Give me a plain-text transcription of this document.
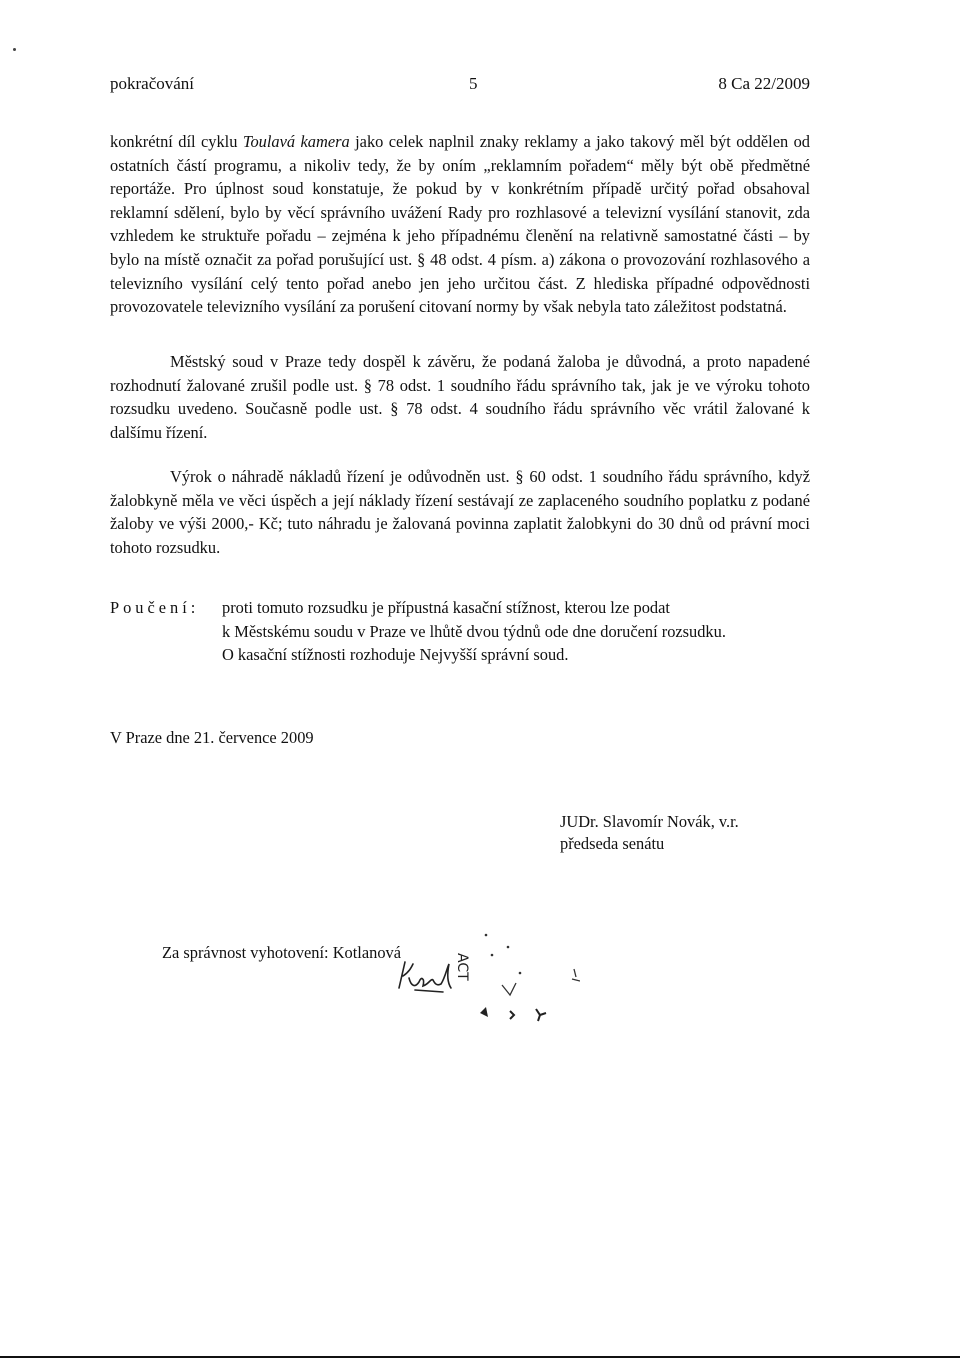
pokračování	5	8 Ca 22/2009

konkrétní díl cyklu Toulavá kamera jako celek naplnil znaky reklamy a jako takový měl být oddělen od ostatních částí programu, a nikoliv tedy, že by oním „reklamním pořadem“ měly být obě předmětné reportáže. Pro úplnost soud konstatuje, že pokud by v konkrétním případě určitý pořad obsahoval reklamní sdělení, bylo by věcí správního uvážení Rady pro rozhlasové a televizní vysílání stanovit, zda vzhledem ke struktuře pořadu – zejména k jeho případnému členění na relativně samostatné části – by bylo na místě označit za pořad porušující ust. § 48 odst. 4 písm. a) zákona o provozování rozhlasového a televizního vysílání celý tento pořad anebo jen jeho určitou část. Z hlediska případné odpovědnosti provozovatele televizního vysílání za porušení citovaní normy by však nebyla tato záležitost podstatná.

Městský soud v Praze tedy dospěl k závěru, že podaná žaloba je důvodná, a proto napadené rozhodnutí žalované zrušil podle ust. § 78 odst. 1 soudního řádu správního tak, jak je ve výroku tohoto rozsudku uvedeno. Současně podle ust. § 78 odst. 4 soudního řádu správního věc vrátil žalované k dalšímu řízení.

Výrok o náhradě nákladů řízení je odůvodněn ust. § 60 odst. 1 soudního řádu správního, když žalobkyně měla ve věci úspěch a její náklady řízení sestávají ze zaplaceného soudního poplatku z podané žaloby ve výši 2000,- Kč; tuto náhradu je žalovaná povinna zaplatit žalobkyni do 30 dnů od právní moci tohoto rozsudku.

Poučení: proti tomuto rozsudku je přípustná kasační stížnost, kterou lze podat
k Městskému soudu v Praze ve lhůtě dvou týdnů ode dne doručení rozsudku.
O kasační stížnosti rozhoduje Nejvyšší správní soud.
V Praze dne 21. července 2009
JUDr. Slavomír Novák, v.r.
předseda senátu
Za správnost vyhotovení: Kotlanová
ACT
